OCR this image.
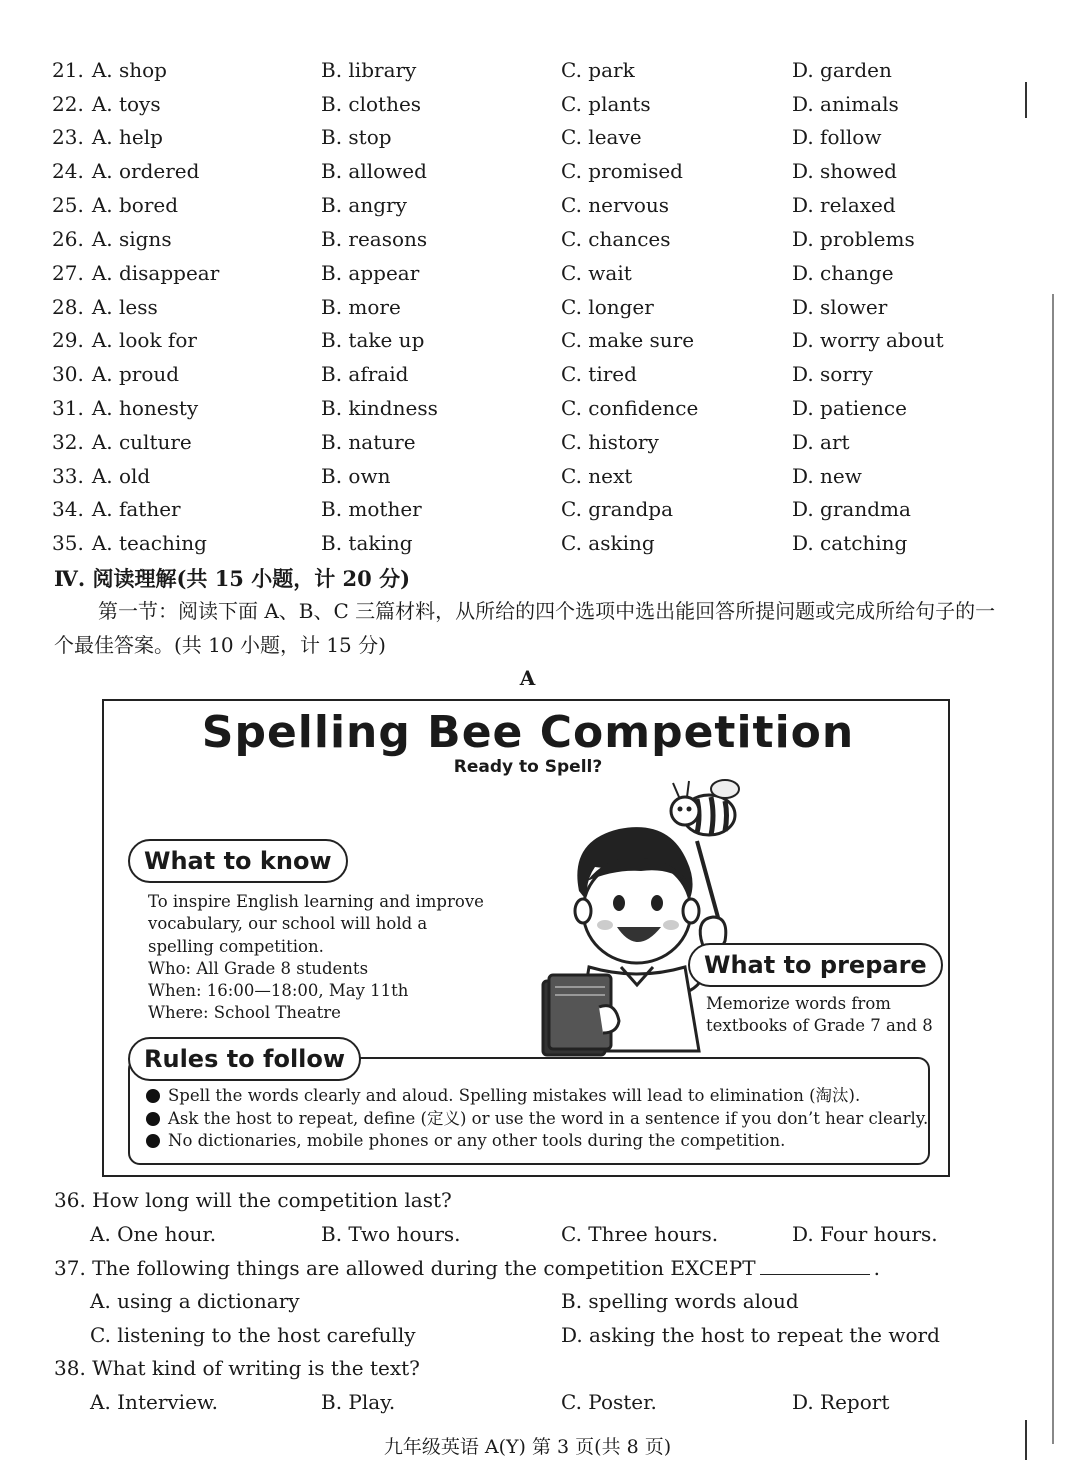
21. A. shop	B. library	C. park	D. garden
22. A. toys	B. clothes	C. plants	D. animals
23. A. help	B. stop	C. leave	D. follow
24. A. ordered	B. allowed	C. promised	D. showed
25. A. bored	B. angry	C. nervous	D. relaxed
26. A. signs	B. reasons	C. chances	D. problems
27. A. disappear	B. appear	C. wait	D. change
28. A. less	B. more	C. longer	D. slower
29. A. look for	B. take up	C. make sure	D. worry about
30. A. proud	B. afraid	C. tired	D. sorry
31. A. honesty	B. kindness	C. confidence	D. patience
32. A. culture	B. nature	C. history	D. art
33. A. old	B. own	C. next	D. new
34. A. father	B. mother	C. grandpa	D. grandma
35. A. teaching	B. taking	C. asking	D. catching
Ⅳ. 阅读理解(共 15 小题，计 20 分)
第一节：阅读下面 A、B、C 三篇材料，从所给的四个选项中选出能回答所提问题或完成所给句子的一个最佳答案。(共 10 小题，计 15 分)
A
Spelling Bee Competition
Ready to Spell?
What to know
To inspire English learning and improve
vocabulary, our school will hold a
spelling competition.
Who: All Grade 8 students
When: 16:00—18:00, May 11th
Where: School Theatre
What to prepare
Memorize words from
textbooks of Grade 7 and 8
Spell the words clearly and aloud. Spelling mistakes will lead to elimination (淘汰).
Ask the host to repeat, define (定义) or use the word in a sentence if you don’t hear clearly.
No dictionaries, mobile phones or any other tools during the competition.
Rules to follow
36. How long will the competition last?
A. One hour.	B. Two hours.	C. Three hours.	D. Four hours.
37. The following things are allowed during the competition EXCEPT	.
A. using a dictionary	B. spelling words aloud
C. listening to the host carefully	D. asking the host to repeat the word
38. What kind of writing is the text?
A. Interview.	B. Play.	C. Poster.	D. Report
九年级英语 A(Y) 第 3 页(共 8 页)
